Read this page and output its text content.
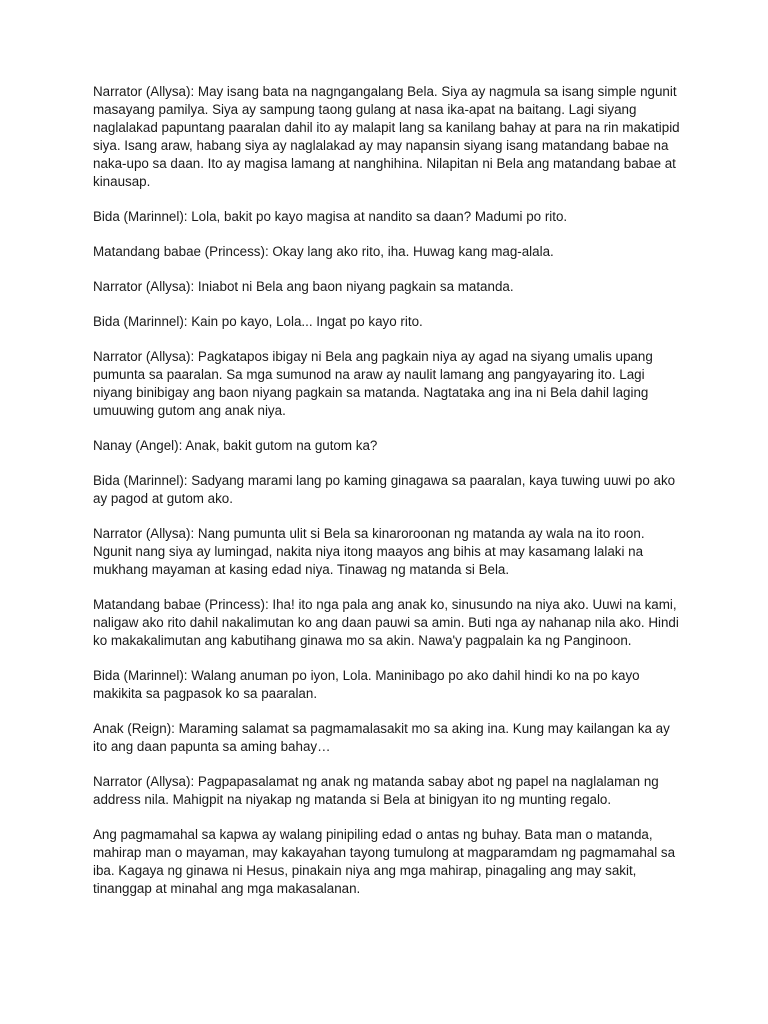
Narrator (Allysa): May isang bata na nagngangalang Bela. Siya ay nagmula sa isang simple ngunit masayang pamilya. Siya ay sampung taong gulang at nasa ika-apat na baitang. Lagi siyang naglalakad papuntang paaralan dahil ito ay malapit lang sa kanilang bahay at para na rin makatipid siya. Isang araw, habang siya ay naglalakad ay may napansin siyang isang matandang babae na naka-upo sa daan. Ito ay magisa lamang at nanghihina. Nilapitan ni Bela ang matandang babae at kinausap.

Bida (Marinnel): Lola, bakit po kayo magisa at nandito sa daan? Madumi po rito.

Matandang babae (Princess): Okay lang ako rito, iha. Huwag kang mag-alala.

Narrator (Allysa): Iniabot ni Bela ang baon niyang pagkain sa matanda.

Bida (Marinnel): Kain po kayo, Lola... Ingat po kayo rito.

Narrator (Allysa): Pagkatapos ibigay ni Bela ang pagkain niya ay agad na siyang umalis upang pumunta sa paaralan. Sa mga sumunod na araw ay naulit lamang ang pangyayaring ito. Lagi niyang binibigay ang baon niyang pagkain sa matanda. Nagtataka ang ina ni Bela dahil laging umuuwing gutom ang anak niya.

Nanay (Angel): Anak, bakit gutom na gutom ka?

Bida (Marinnel): Sadyang marami lang po kaming ginagawa sa paaralan, kaya tuwing uuwi po ako ay pagod at gutom ako.

Narrator (Allysa): Nang pumunta ulit si Bela sa kinaroroonan ng matanda ay wala na ito roon. Ngunit nang siya ay lumingad, nakita niya itong maayos ang bihis at may kasamang lalaki na mukhang mayaman at kasing edad niya. Tinawag ng matanda si Bela.

Matandang babae (Princess): Iha! ito nga pala ang anak ko, sinusundo na niya ako. Uuwi na kami, naligaw ako rito dahil nakalimutan ko ang daan pauwi sa amin. Buti nga ay nahanap nila ako. Hindi ko makakalimutan ang kabutihang ginawa mo sa akin. Nawa'y pagpalain ka ng Panginoon.

Bida (Marinnel): Walang anuman po iyon, Lola. Maninibago po ako dahil hindi ko na po kayo makikita sa pagpasok ko sa paaralan.

Anak (Reign): Maraming salamat sa pagmamalasakit mo sa aking ina. Kung may kailangan ka ay ito ang daan papunta sa aming bahay…

Narrator (Allysa): Pagpapasalamat ng anak ng matanda sabay abot ng papel na naglalaman ng address nila. Mahigpit na niyakap ng matanda si Bela at binigyan ito ng munting regalo.

Ang pagmamahal sa kapwa ay walang pinipiling edad o antas ng buhay. Bata man o matanda, mahirap man o mayaman, may kakayahan tayong tumulong at magparamdam ng pagmamahal sa iba. Kagaya ng ginawa ni Hesus, pinakain niya ang mga mahirap, pinagaling ang may sakit, tinanggap at minahal ang mga makasalanan.
